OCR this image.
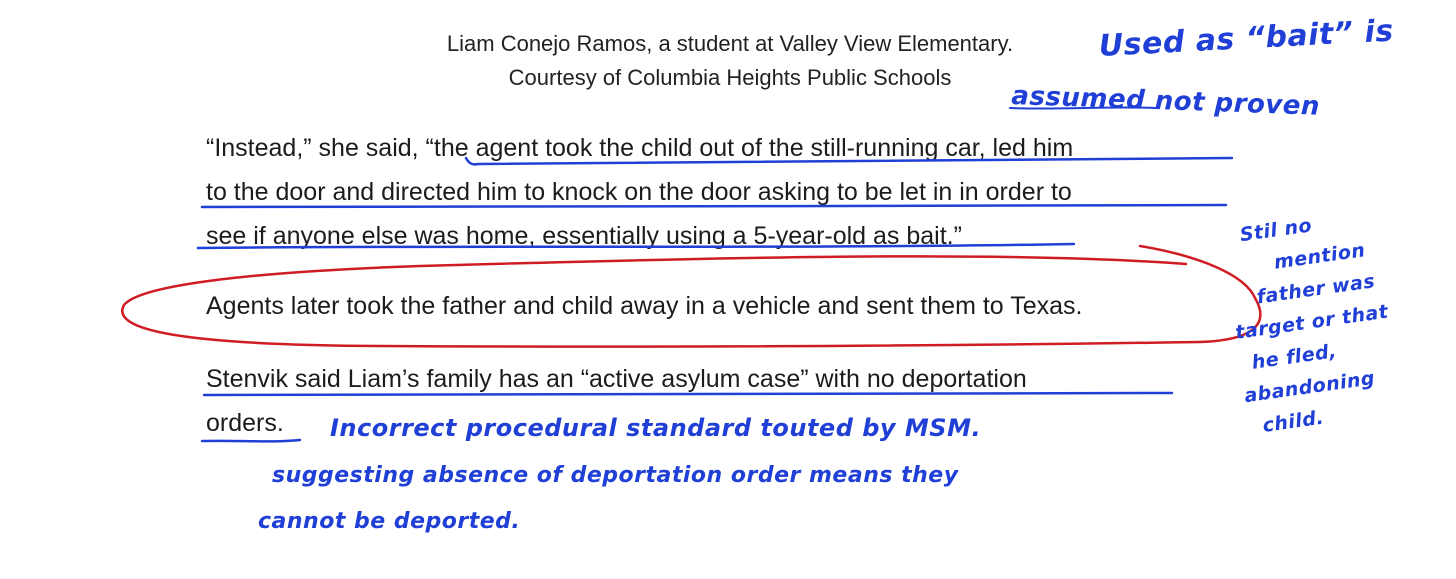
Liam Conejo Ramos, a student at Valley View Elementary.
Courtesy of Columbia Heights Public Schools
“Instead,” she said, “the agent took the child out of the still-running car, led him
to the door and directed him to knock on the door asking to be let in in order to
see if anyone else was home, essentially using a 5-year-old as bait.”
Agents later took the father and child away in a vehicle and sent them to Texas.
Stenvik said Liam’s family has an “active asylum case” with no deportation
orders.
Used as “bait” is
assumed not proven
Stil no
mention
father was
target or that
he fled,
abandoning
child.
Incorrect procedural standard touted by MSM.
suggesting absence of deportation order means they
cannot be deported.
